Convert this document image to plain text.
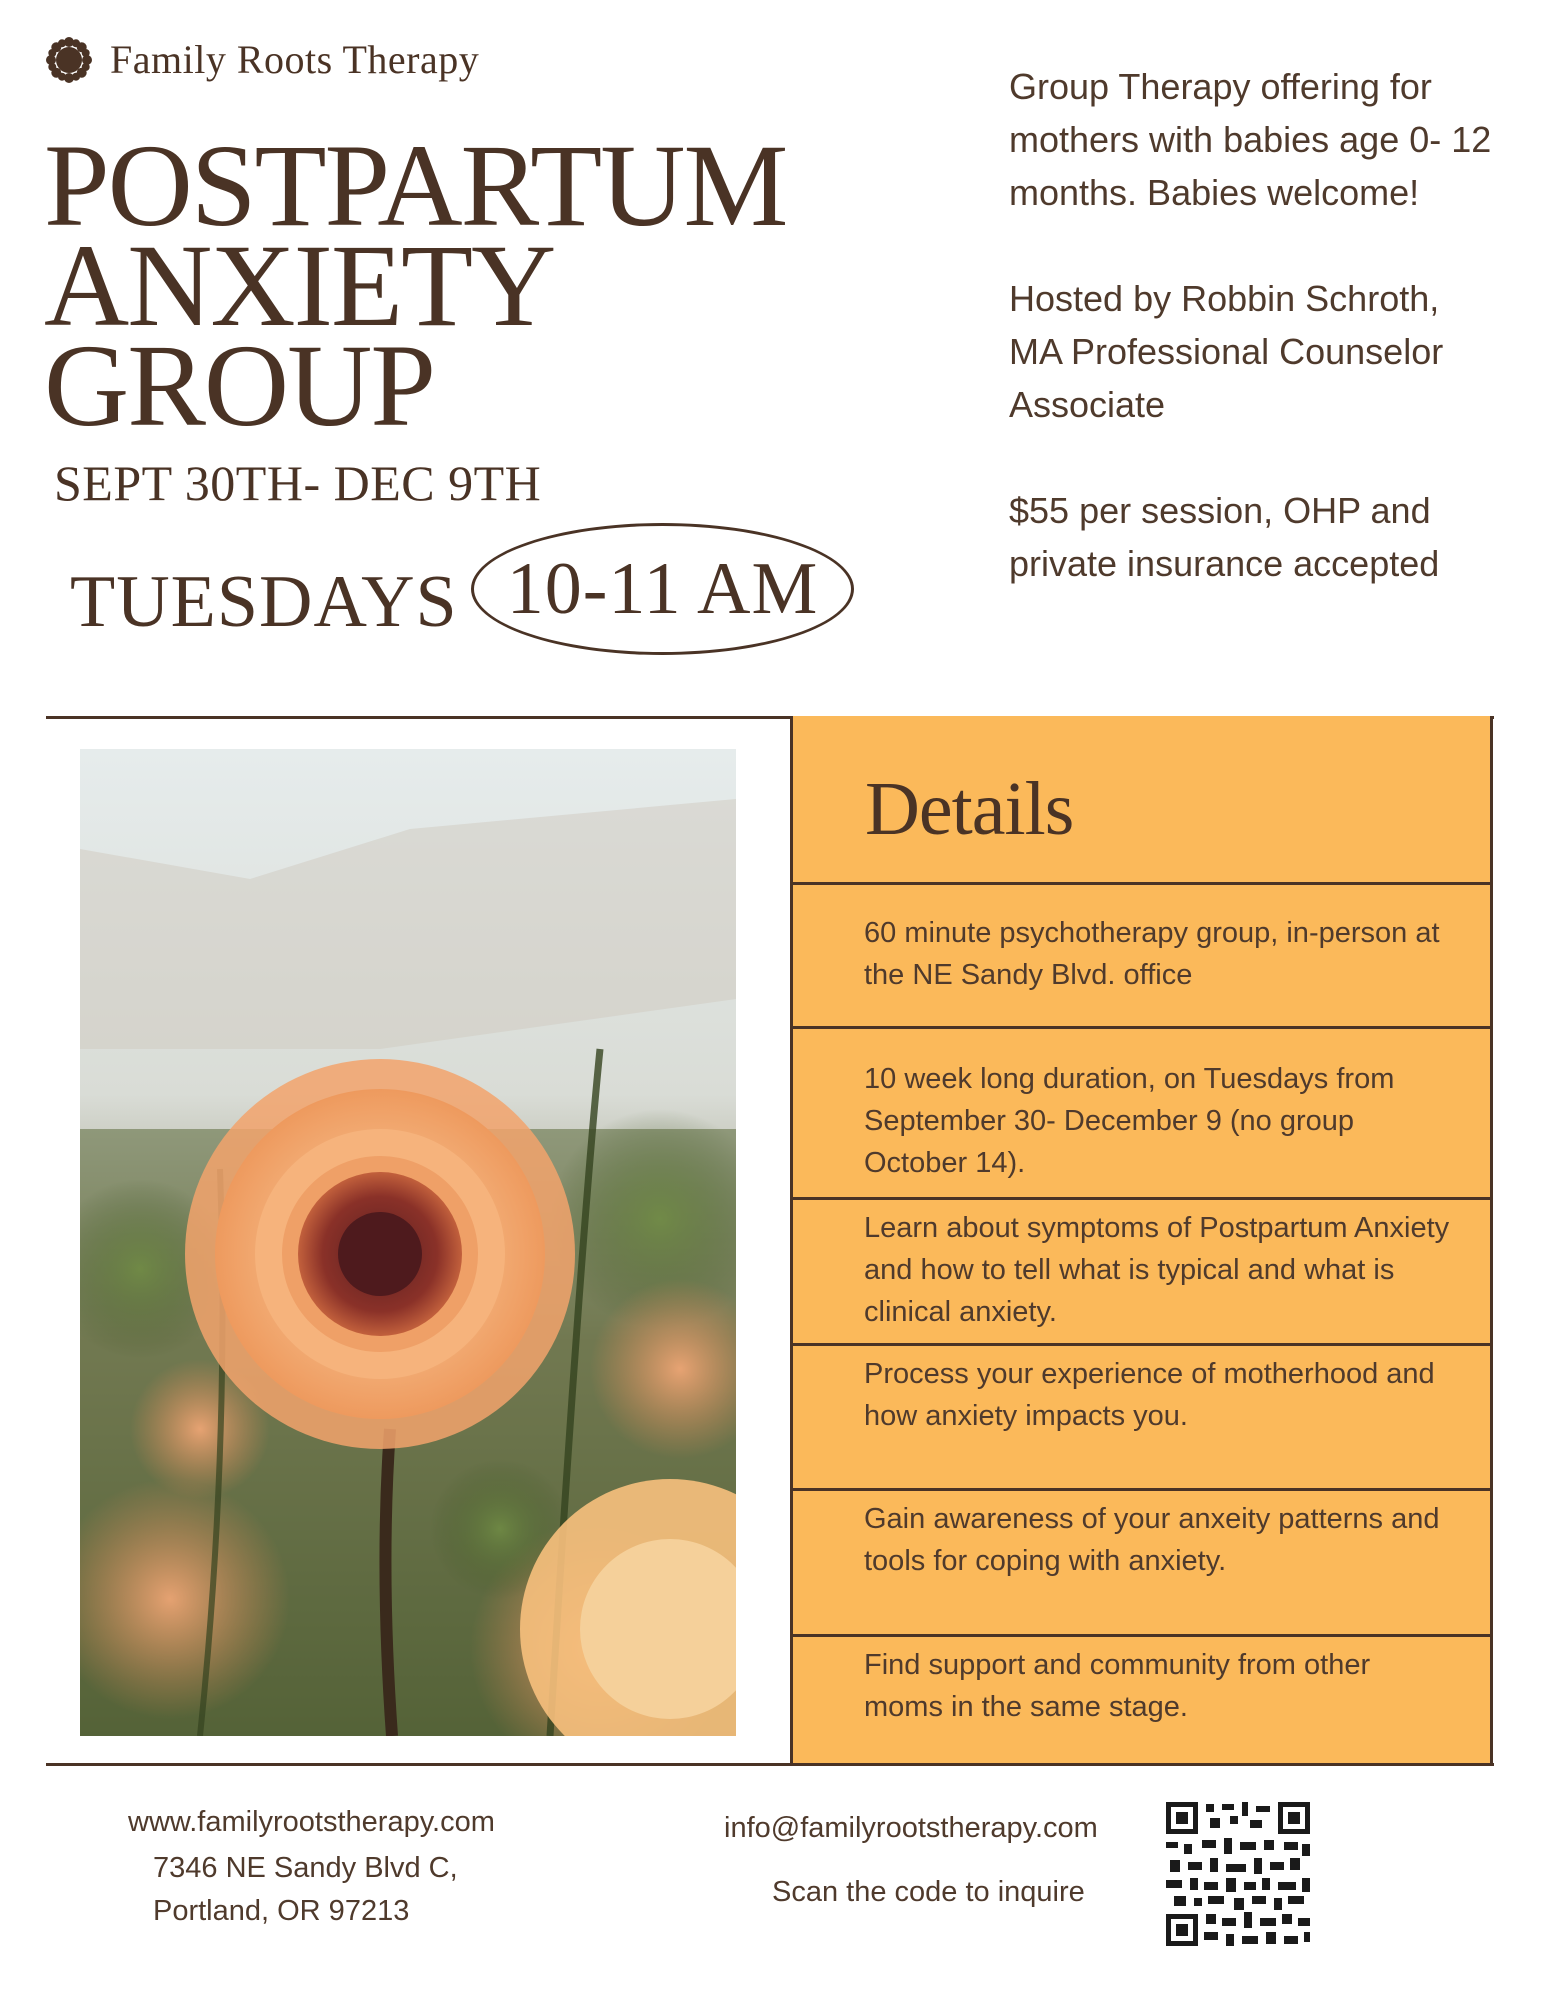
Family Roots Therapy
POSTPARTUM
ANXIETY
GROUP
SEPT 30TH- DEC 9TH
TUESDAYS 10-11 AM

Group Therapy offering for mothers with babies age 0- 12 months. Babies welcome!

Hosted by Robbin Schroth, MA Professional Counselor Associate

$55 per session, OHP and private insurance accepted

Details
60 minute psychotherapy group, in-person at the NE Sandy Blvd. office
10 week long duration, on Tuesdays from September 30- December 9 (no group October 14).
Learn about symptoms of Postpartum Anxiety and how to tell what is typical and what is clinical anxiety.
Process your experience of motherhood and how anxiety impacts you.
Gain awareness of your anxeity patterns and tools for coping with anxiety.
Find support and community from other moms in the same stage.
www.familyrootstherapy.com
7346 NE Sandy Blvd C,
Portland, OR 97213
info@familyrootstherapy.com
Scan the code to inquire
